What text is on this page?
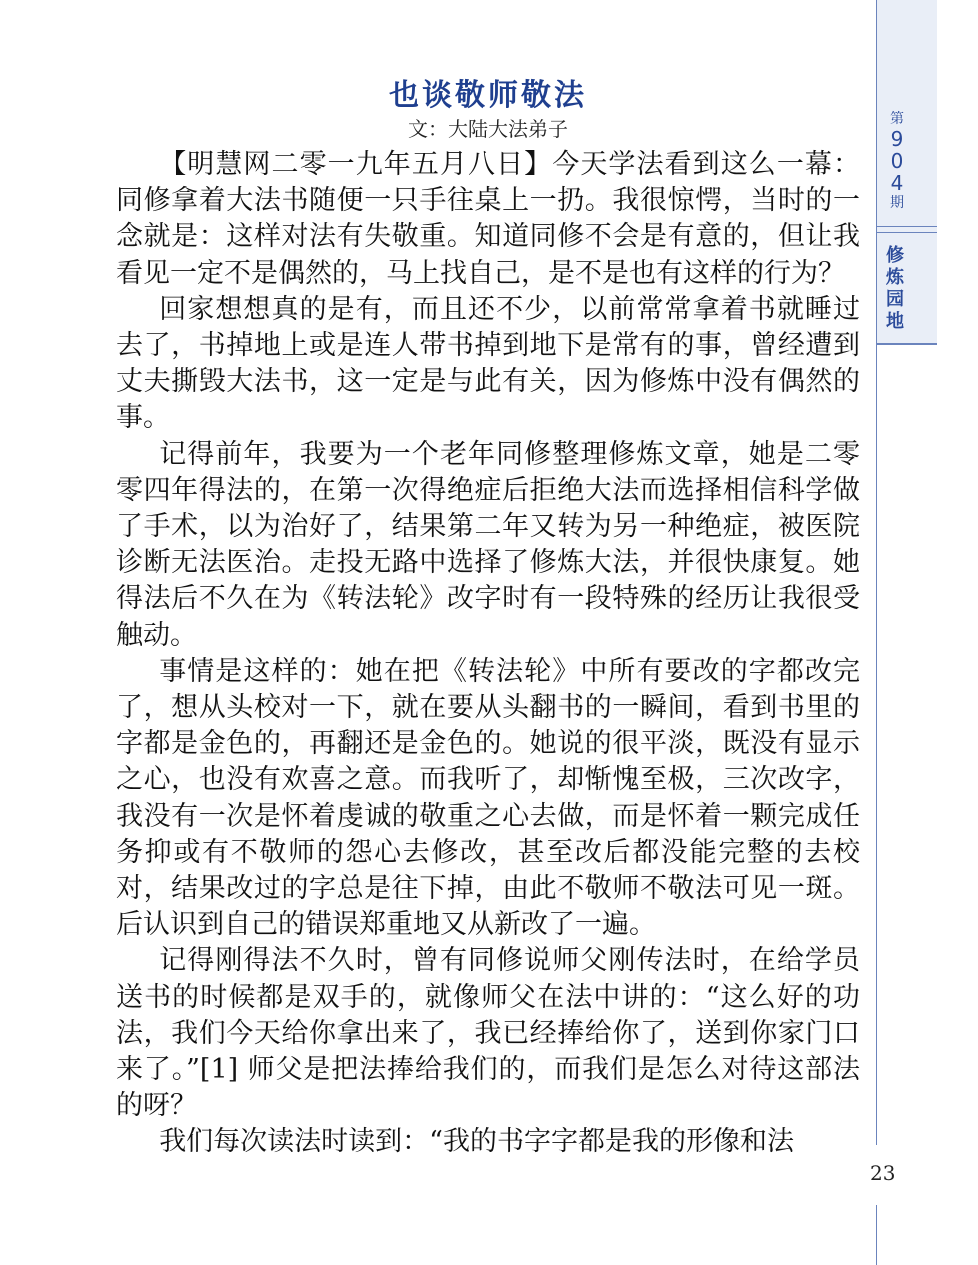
也谈敬师敬法
文：大陆大法弟子

【明慧网二零一九年五月八日】今天学法看到这么一幕：同修拿着大法书随便一只手往桌上一扔。我很惊愕，当时的一念就是：这样对法有失敬重。知道同修不会是有意的，但让我看见一定不是偶然的，马上找自己，是不是也有这样的行为？

回家想想真的是有，而且还不少，以前常常拿着书就睡过去了，书掉地上或是连人带书掉到地下是常有的事，曾经遭到丈夫撕毁大法书，这一定是与此有关，因为修炼中没有偶然的事。

记得前年，我要为一个老年同修整理修炼文章，她是二零零四年得法的，在第一次得绝症后拒绝大法而选择相信科学做了手术，以为治好了，结果第二年又转为另一种绝症，被医院诊断无法医治。走投无路中选择了修炼大法，并很快康复。她得法后不久在为《转法轮》改字时有一段特殊的经历让我很受触动。

事情是这样的：她在把《转法轮》中所有要改的字都改完了，想从头校对一下，就在要从头翻书的一瞬间，看到书里的字都是金色的，再翻还是金色的。她说的很平淡，既没有显示之心，也没有欢喜之意。而我听了，却惭愧至极，三次改字，我没有一次是怀着虔诚的敬重之心去做，而是怀着一颗完成任务抑或有不敬师的怨心去修改，甚至改后都没能完整的去校对，结果改过的字总是往下掉，由此不敬师不敬法可见一斑。后认识到自己的错误郑重地又从新改了一遍。

记得刚得法不久时，曾有同修说师父刚传法时，在给学员送书的时候都是双手的，就像师父在法中讲的：“这么好的功法，我们今天给你拿出来了，我已经捧给你了，送到你家门口来了。”[1] 师父是把法捧给我们的，而我们是怎么对待这部法的呀？

我们每次读法时读到：“我的书字字都是我的形像和法

第
9
0
4
期
修
炼
园
地
23
